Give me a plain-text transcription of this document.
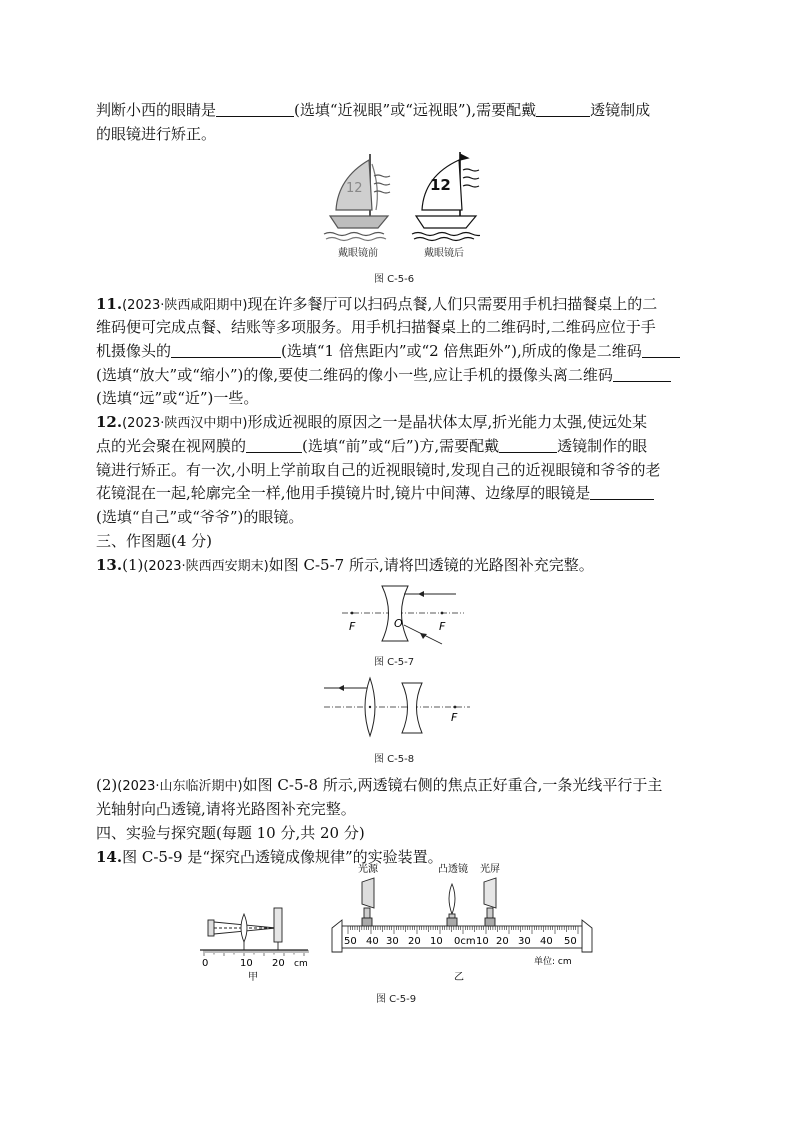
判断小西的眼睛是	(选填“近视眼”或“远视眼”),需要配戴	透镜制成

的眼镜进行矫正。

12	12
戴眼镜前	戴眼镜后
图 C-5-6

11.(2023·陕西咸阳期中)现在许多餐厅可以扫码点餐,人们只需要用手机扫描餐桌上的二

维码便可完成点餐、结账等多项服务。用手机扫描餐桌上的二维码时,二维码应位于手

机摄像头的	(选填“1 倍焦距内”或“2 倍焦距外”),所成的像是二维码

(选填“放大”或“缩小”)的像,要使二维码的像小一些,应让手机的摄像头离二维码

(选填“远”或“近”)一些。

12.(2023·陕西汉中期中)形成近视眼的原因之一是晶状体太厚,折光能力太强,使远处某

点的光会聚在视网膜的	(选填“前”或“后”)方,需要配戴	透镜制作的眼

镜进行矫正。有一次,小明上学前取自己的近视眼镜时,发现自己的近视眼镜和爷爷的老

花镜混在一起,轮廓完全一样,他用手摸镜片时,镜片中间薄、边缘厚的眼镜是

(选填“自己”或“爷爷”)的眼镜。

三、作图题(4 分)

13.(1)(2023·陕西西安期末)如图 C-5-7 所示,请将凹透镜的光路图补充完整。

F	O	F
图 C-5-7
F
图 C-5-8

(2)(2023·山东临沂期中)如图 C-5-8 所示,两透镜右侧的焦点正好重合,一条光线平行于主

光轴射向凸透镜,请将光路图补充完整。

四、实验与探究题(每题 10 分,共 20 分)

14.图 C-5-9 是“探究凸透镜成像规律”的实验装置。

0	10 20 cm
甲
光源	凸透镜 光屏
50 40 30 20 10 0cm 10 20 30 40 50
单位: cm
乙
图 C-5-9
